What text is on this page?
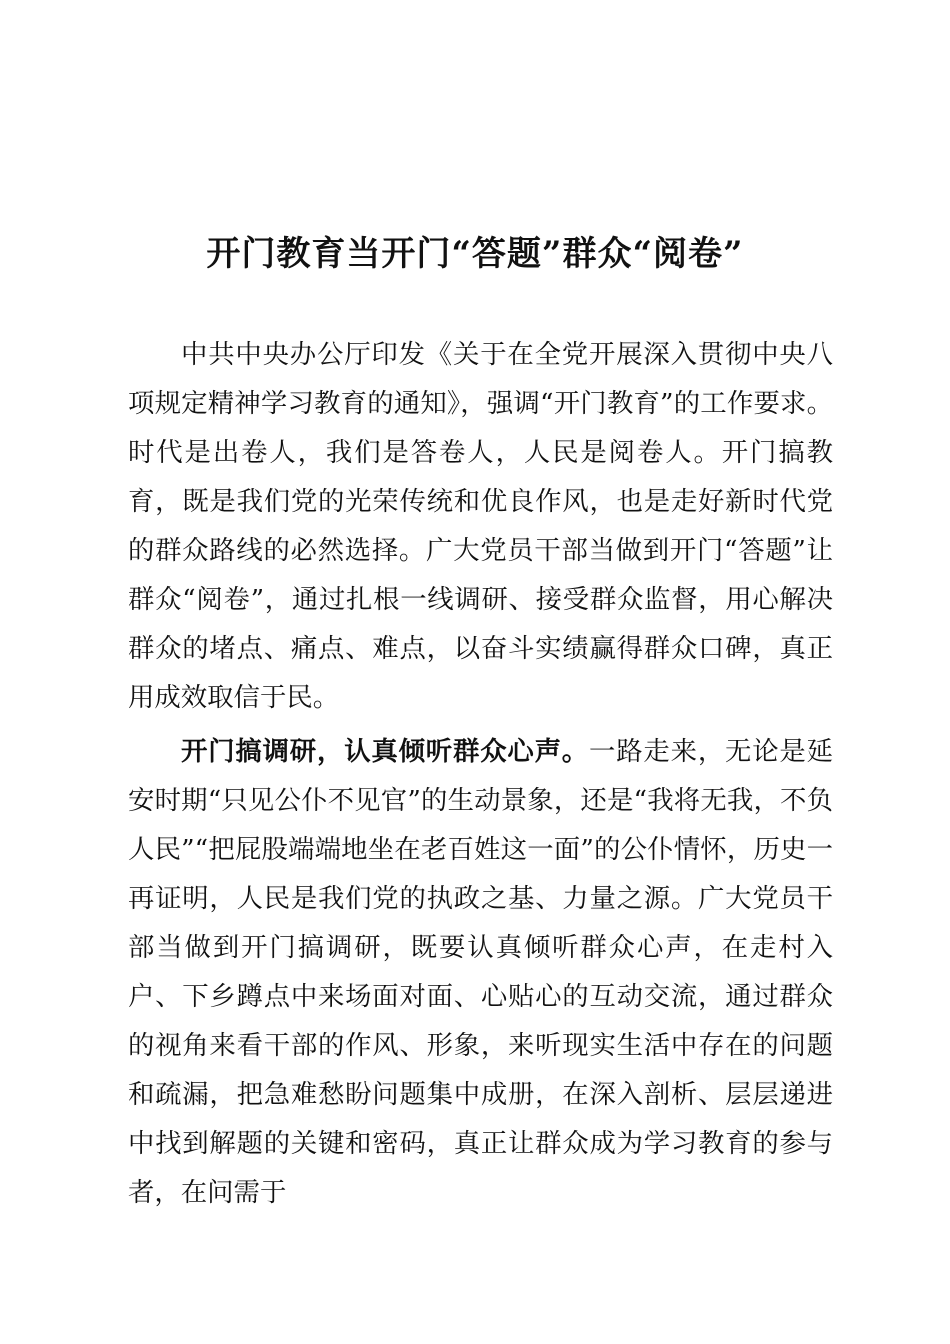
开门教育当开门“答题”群众“阅卷”

中共中央办公厅印发《关于在全党开展深入贯彻中央八项规定精神学习教育的通知》，强调“开门教育”的工作要求。时代是出卷人，我们是答卷人，人民是阅卷人。开门搞教育，既是我们党的光荣传统和优良作风，也是走好新时代党的群众路线的必然选择。广大党员干部当做到开门“答题”让群众“阅卷”，通过扎根一线调研、接受群众监督，用心解决群众的堵点、痛点、难点，以奋斗实绩赢得群众口碑，真正用成效取信于民。

开门搞调研，认真倾听群众心声。一路走来，无论是延安时期“只见公仆不见官”的生动景象，还是“我将无我，不负人民”“把屁股端端地坐在老百姓这一面”的公仆情怀，历史一再证明，人民是我们党的执政之基、力量之源。广大党员干部当做到开门搞调研，既要认真倾听群众心声，在走村入户、下乡蹲点中来场面对面、心贴心的互动交流，通过群众的视角来看干部的作风、形象，来听现实生活中存在的问题和疏漏，把急难愁盼问题集中成册，在深入剖析、层层递进中找到解题的关键和密码，真正让群众成为学习教育的参与者，在问需于
